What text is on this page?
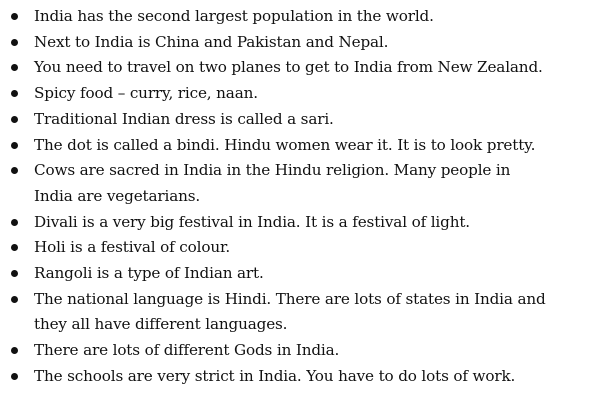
India has the second largest population in the world.
Next to India is China and Pakistan and Nepal.
You need to travel on two planes to get to India from New Zealand.
Spicy food – curry, rice, naan.
Traditional Indian dress is called a sari.
The dot is called a bindi. Hindu women wear it. It is to look pretty.
Cows are sacred in India in the Hindu religion. Many people in
India are vegetarians.
Divali is a very big festival in India. It is a festival of light.
Holi is a festival of colour.
Rangoli is a type of Indian art.
The national language is Hindi. There are lots of states in India and
they all have different languages.
There are lots of different Gods in India.
The schools are very strict in India. You have to do lots of work.
